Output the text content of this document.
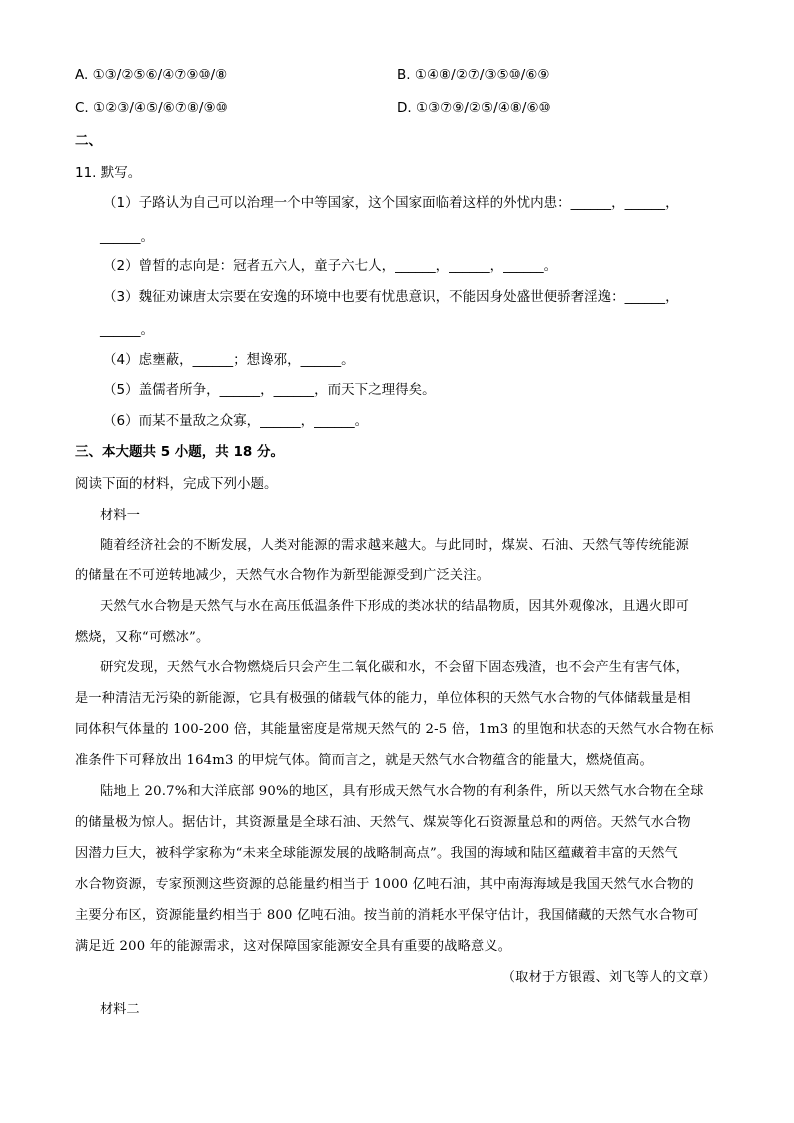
A. ①③/②⑤⑥/④⑦⑨⑩/⑧	B. ①④⑧/②⑦/③⑤⑩/⑥⑨
C. ①②③/④⑤/⑥⑦⑧/⑨⑩	D. ①③⑦⑨/②⑤/④⑧/⑥⑩
二、
11. 默写。
（1）子路认为自己可以治理一个中等国家，这个国家面临着这样的外忧内患：______，______，
______。
（2）曾皙的志向是：冠者五六人，童子六七人，______，______，______。
（3）魏征劝谏唐太宗要在安逸的环境中也要有忧患意识，不能因身处盛世便骄奢淫逸：______，
______。
（4）虑壅蔽，______；想谗邪，______。
（5）盖儒者所争，______，______，而天下之理得矣。
（6）而某不量敌之众寡，______，______。
三、本大题共 5 小题，共 18 分。
阅读下面的材料，完成下列小题。
材料一
随着经济社会的不断发展，人类对能源的需求越来越大。与此同时，煤炭、石油、天然气等传统能源
的储量在不可逆转地减少，天然气水合物作为新型能源受到广泛关注。
天然气水合物是天然气与水在高压低温条件下形成的类冰状的结晶物质，因其外观像冰，且遇火即可
燃烧，又称“可燃冰”。
研究发现，天然气水合物燃烧后只会产生二氧化碳和水，不会留下固态残渣，也不会产生有害气体，
是一种清洁无污染的新能源，它具有极强的储载气体的能力，单位体积的天然气水合物的气体储载量是相
同体积气体量的 100-200 倍，其能量密度是常规天然气的 2-5 倍，1m3 的里饱和状态的天然气水合物在标
准条件下可释放出 164m3 的甲烷气体。简而言之，就是天然气水合物蕴含的能量大，燃烧值高。
陆地上 20.7%和大洋底部 90%的地区，具有形成天然气水合物的有利条件，所以天然气水合物在全球
的储量极为惊人。据估计，其资源量是全球石油、天然气、煤炭等化石资源量总和的两倍。天然气水合物
因潜力巨大，被科学家称为“未来全球能源发展的战略制高点”。我国的海域和陆区蕴藏着丰富的天然气
水合物资源，专家预测这些资源的总能量约相当于 1000 亿吨石油，其中南海海域是我国天然气水合物的
主要分布区，资源能量约相当于 800 亿吨石油。按当前的消耗水平保守估计，我国储藏的天然气水合物可
满足近 200 年的能源需求，这对保障国家能源安全具有重要的战略意义。
（取材于方银霞、刘飞等人的文章）
材料二
